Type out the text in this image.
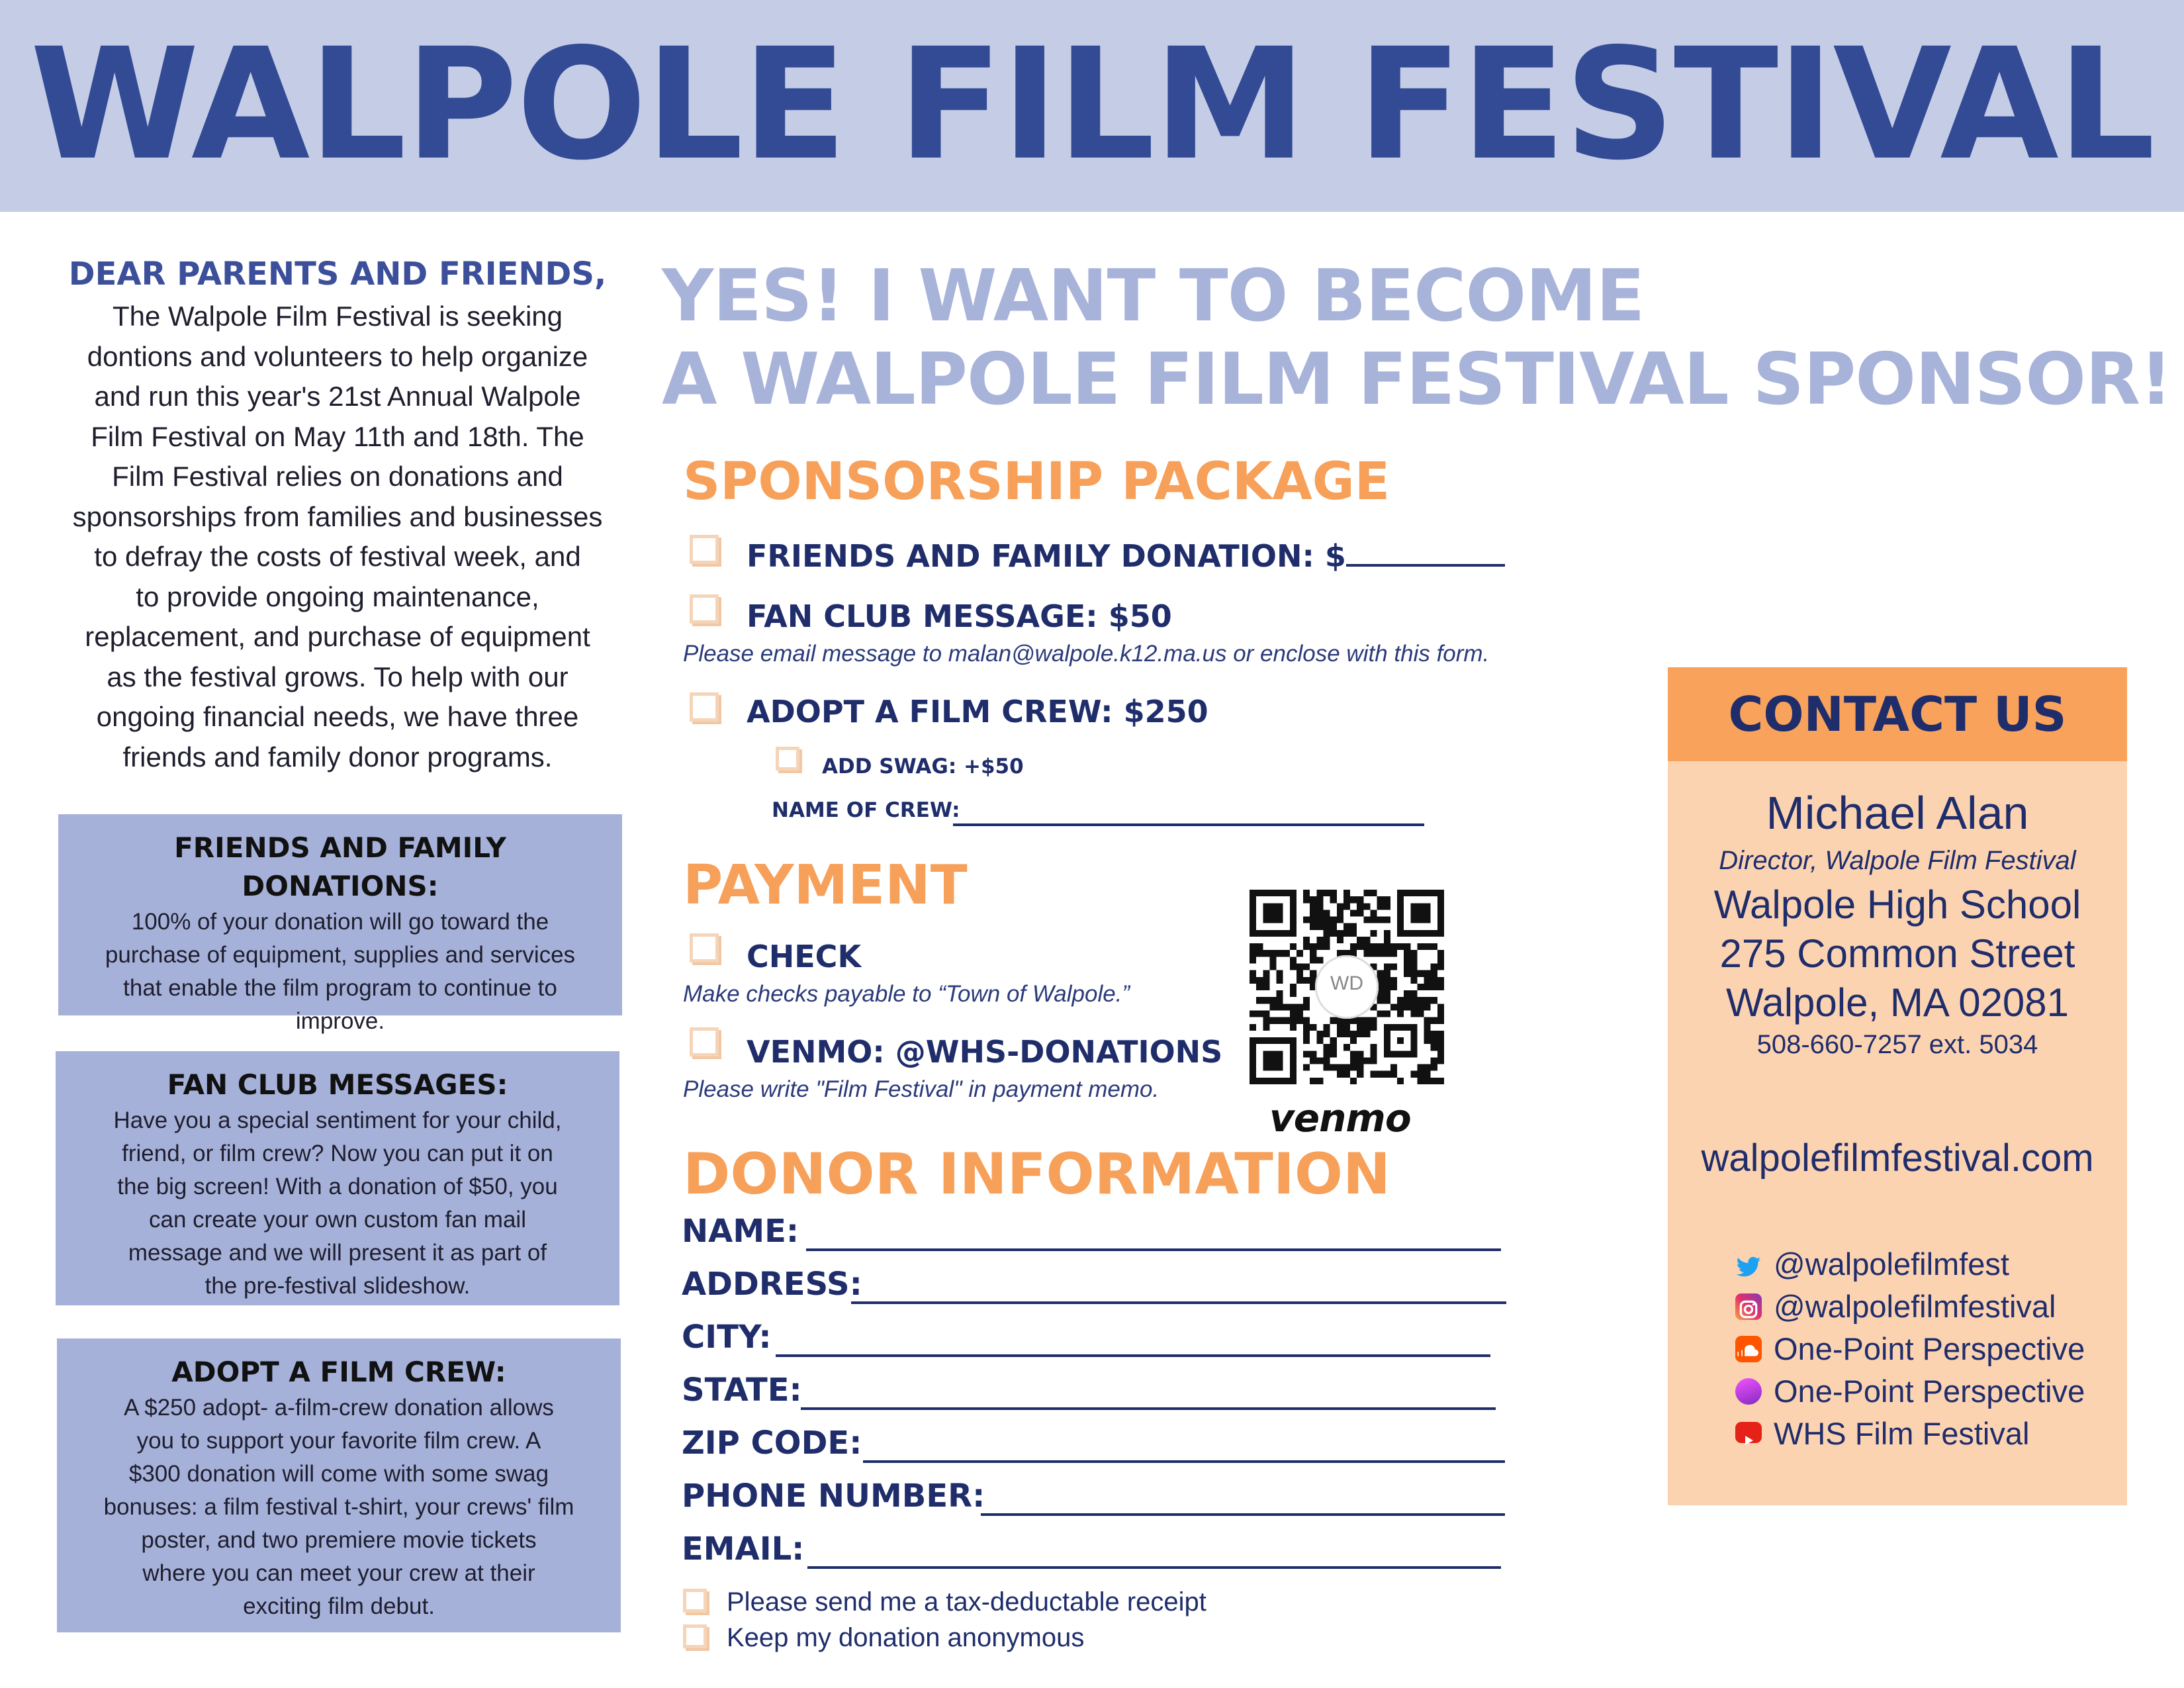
WALPOLE FILM FESTIVAL
DEAR PARENTS AND FRIENDS,
The Walpole Film Festival is seeking
dontions and volunteers to help organize
and run this year's 21st Annual Walpole
Film Festival on May 11th and 18th. The
Film Festival relies on donations and
sponsorships from families and businesses
to defray the costs of festival week, and
to provide ongoing maintenance,
replacement, and purchase of equipment
as the festival grows. To help with our
ongoing financial needs, we have three
friends and family donor programs.
FRIENDS AND FAMILY DONATIONS:

100% of your donation will go toward the

purchase of equipment, supplies and services

that enable the film program to continue to

improve.

FAN CLUB MESSAGES:

Have you a special sentiment for your child,

friend, or film crew? Now you can put it on

the big screen! With a donation of $50, you

can create your own custom fan mail

message and we will present it as part of

the pre-festival slideshow.

ADOPT A FILM CREW:

A $250 adopt- a-film-crew donation allows

you to support your favorite film crew. A

$300 donation will come with some swag

bonuses: a film festival t-shirt, your crews' film

poster, and two premiere movie tickets

where you can meet your crew at their

exciting film debut.

YES! I WANT TO BECOME
A WALPOLE FILM FESTIVAL SPONSOR!
SPONSORSHIP PACKAGE
FRIENDS AND FAMILY DONATION: $
FAN CLUB MESSAGE: $50
Please email message to malan@walpole.k12.ma.us or enclose with this form.
ADOPT A FILM CREW: $250
ADD SWAG: +$50
NAME OF CREW:
PAYMENT
CHECK
Make checks payable to “Town of Walpole.”
VENMO: @WHS-DONATIONS
Please write "Film Festival" in payment memo.
WD
venmo
DONOR INFORMATION
NAME:
ADDRESS:
CITY:
STATE:
ZIP CODE:
PHONE NUMBER:
EMAIL:
Please send me a tax-deductable receipt
Keep my donation anonymous
CONTACT US
Michael Alan
Director, Walpole Film Festival
Walpole High School
275 Common Street
Walpole, MA 02081
508-660-7257 ext. 5034
walpolefilmfestival.com
@walpolefilmfest
@walpolefilmfestival
One-Point Perspective
One-Point Perspective
WHS Film Festival
